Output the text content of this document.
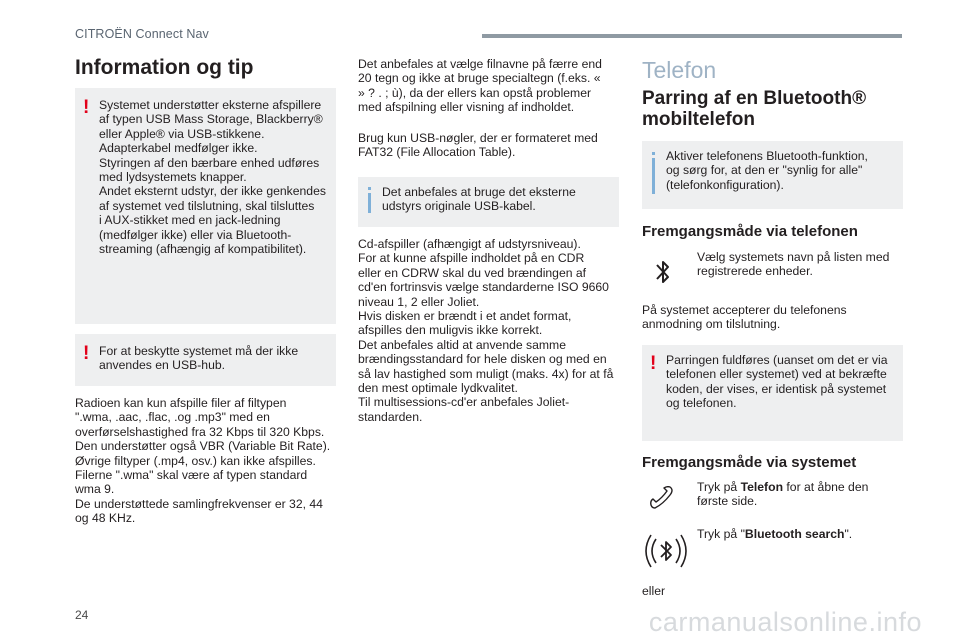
CITROËN Connect Nav
Information og tip
! Systemet understøtter eksterne afspillere
af typen USB Mass Storage, Blackberry®
eller Apple® via USB-stikkene.
Adapterkabel medfølger ikke.
Styringen af den bærbare enhed udføres
med lydsystemets knapper.
Andet eksternt udstyr, der ikke genkendes
af systemet ved tilslutning, skal tilsluttes
i AUX-stikket med en jack-ledning
(medfølger ikke) eller via Bluetooth-
streaming (afhængig af kompatibilitet).
! For at beskytte systemet må der ikke
anvendes en USB-hub.

Radioen kan kun afspille filer af filtypen
".wma, .aac, .flac, .og .mp3" med en
overførselshastighed fra 32 Kbps til 320 Kbps.
Den understøtter også VBR (Variable Bit Rate).
Øvrige filtyper (.mp4, osv.) kan ikke afspilles.
Filerne ".wma" skal være af typen standard
wma 9.
De understøttede samlingfrekvenser er 32, 44
og 48 KHz.

Det anbefales at vælge filnavne på færre end
20 tegn og ikke at bruge specialtegn (f.eks. «
» ? . ; ù), da der ellers kan opstå problemer
med afspilning eller visning af indholdet.

Brug kun USB-nøgler, der er formateret med
FAT32 (File Allocation Table).

Det anbefales at bruge det eksterne
udstyrs originale USB-kabel.

Cd-afspiller (afhængigt af udstyrsniveau).
For at kunne afspille indholdet på en CDR
eller en CDRW skal du ved brændingen af
cd'en fortrinsvis vælge standarderne ISO 9660
niveau 1, 2 eller Joliet.
Hvis disken er brændt i et andet format,
afspilles den muligvis ikke korrekt.
Det anbefales altid at anvende samme
brændingsstandard for hele disken og med en
så lav hastighed som muligt (maks. 4x) for at få
den mest optimale lydkvalitet.
Til multisessions-cd'er anbefales Joliet-
standarden.

Telefon
Parring af en Bluetooth®
mobiltelefon
Aktiver telefonens Bluetooth-funktion,
og sørg for, at den er "synlig for alle"
(telefonkonfiguration).
Fremgangsmåde via telefonen

Vælg systemets navn på listen med
registrerede enheder.

På systemet accepterer du telefonens
anmodning om tilslutning.

! Parringen fuldføres (uanset om det er via
telefonen eller systemet) ved at bekræfte
koden, der vises, er identisk på systemet
og telefonen.
Fremgangsmåde via systemet

Tryk på Telefon for at åbne den
første side.

Tryk på "Bluetooth search".

eller

24	carmanualsonline.info
